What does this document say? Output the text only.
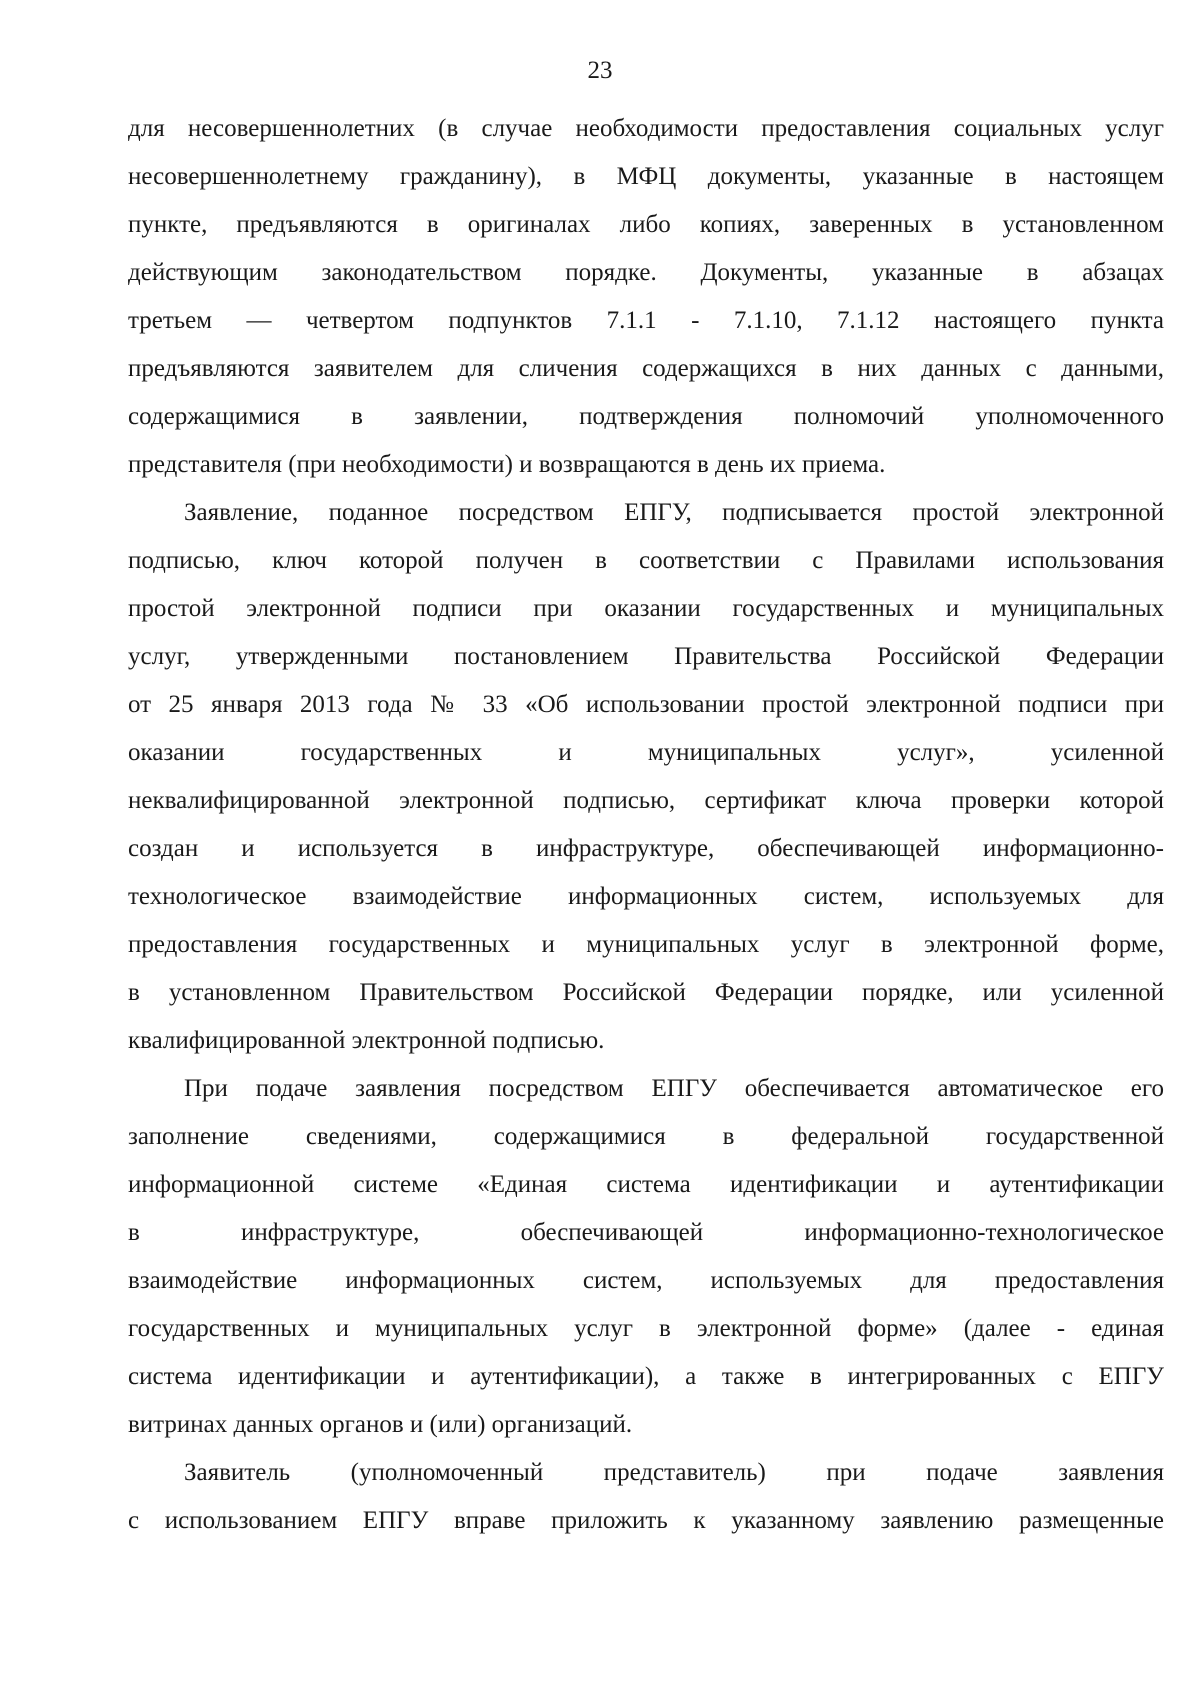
23
для несовершеннолетних (в случае необходимости предоставления социальных услуг
несовершеннолетнему гражданину), в МФЦ документы, указанные в настоящем
пункте, предъявляются в оригиналах либо копиях, заверенных в установленном
действующим законодательством порядке. Документы, указанные в абзацах
третьем — четвертом подпунктов 7.1.1 - 7.1.10, 7.1.12 настоящего пункта
предъявляются заявителем для сличения содержащихся в них данных с данными,
содержащимися в заявлении, подтверждения полномочий уполномоченного
представителя (при необходимости) и возвращаются в день их приема.
Заявление, поданное посредством ЕПГУ, подписывается простой электронной
подписью, ключ которой получен в соответствии с Правилами использования
простой электронной подписи при оказании государственных и муниципальных
услуг, утвержденными постановлением Правительства Российской Федерации
от 25 января 2013 года № 33 «Об использовании простой электронной подписи при
оказании государственных и муниципальных услуг», усиленной
неквалифицированной электронной подписью, сертификат ключа проверки которой
создан и используется в инфраструктуре, обеспечивающей информационно-
технологическое взаимодействие информационных систем, используемых для
предоставления государственных и муниципальных услуг в электронной форме,
в установленном Правительством Российской Федерации порядке, или усиленной
квалифицированной электронной подписью.
При подаче заявления посредством ЕПГУ обеспечивается автоматическое его
заполнение сведениями, содержащимися в федеральной государственной
информационной системе «Единая система идентификации и аутентификации
в инфраструктуре, обеспечивающей информационно-технологическое
взаимодействие информационных систем, используемых для предоставления
государственных и муниципальных услуг в электронной форме» (далее - единая
система идентификации и аутентификации), а также в интегрированных с ЕПГУ
витринах данных органов и (или) организаций.
Заявитель (уполномоченный представитель) при подаче заявления
с использованием ЕПГУ вправе приложить к указанному заявлению размещенные
